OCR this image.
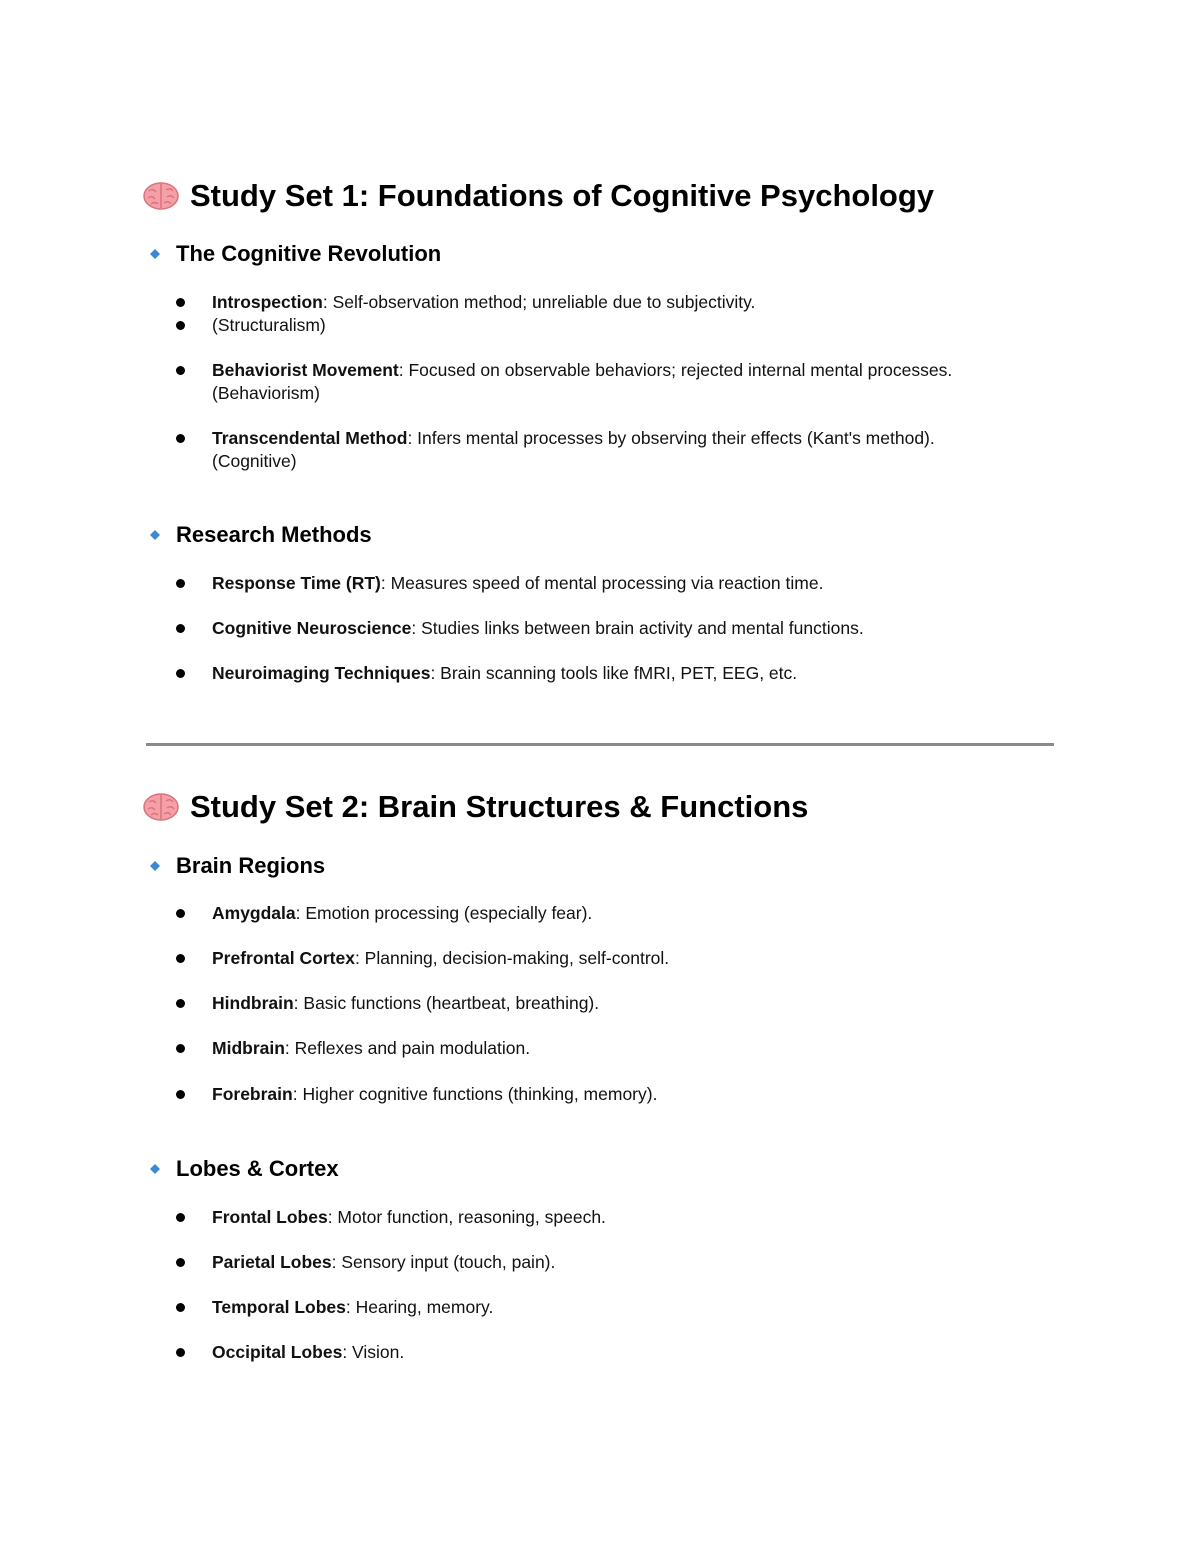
Study Set 1: Foundations of Cognitive Psychology
The Cognitive Revolution
Introspection: Self-observation method; unreliable due to subjectivity.
(Structuralism)
Behaviorist Movement: Focused on observable behaviors; rejected internal mental processes.
(Behaviorism)
Transcendental Method: Infers mental processes by observing their effects (Kant's method).
(Cognitive)
Research Methods
Response Time (RT): Measures speed of mental processing via reaction time.
Cognitive Neuroscience: Studies links between brain activity and mental functions.
Neuroimaging Techniques: Brain scanning tools like fMRI, PET, EEG, etc.
Study Set 2: Brain Structures & Functions
Brain Regions
Amygdala: Emotion processing (especially fear).
Prefrontal Cortex: Planning, decision-making, self-control.
Hindbrain: Basic functions (heartbeat, breathing).
Midbrain: Reflexes and pain modulation.
Forebrain: Higher cognitive functions (thinking, memory).
Lobes & Cortex
Frontal Lobes: Motor function, reasoning, speech.
Parietal Lobes: Sensory input (touch, pain).
Temporal Lobes: Hearing, memory.
Occipital Lobes: Vision.
